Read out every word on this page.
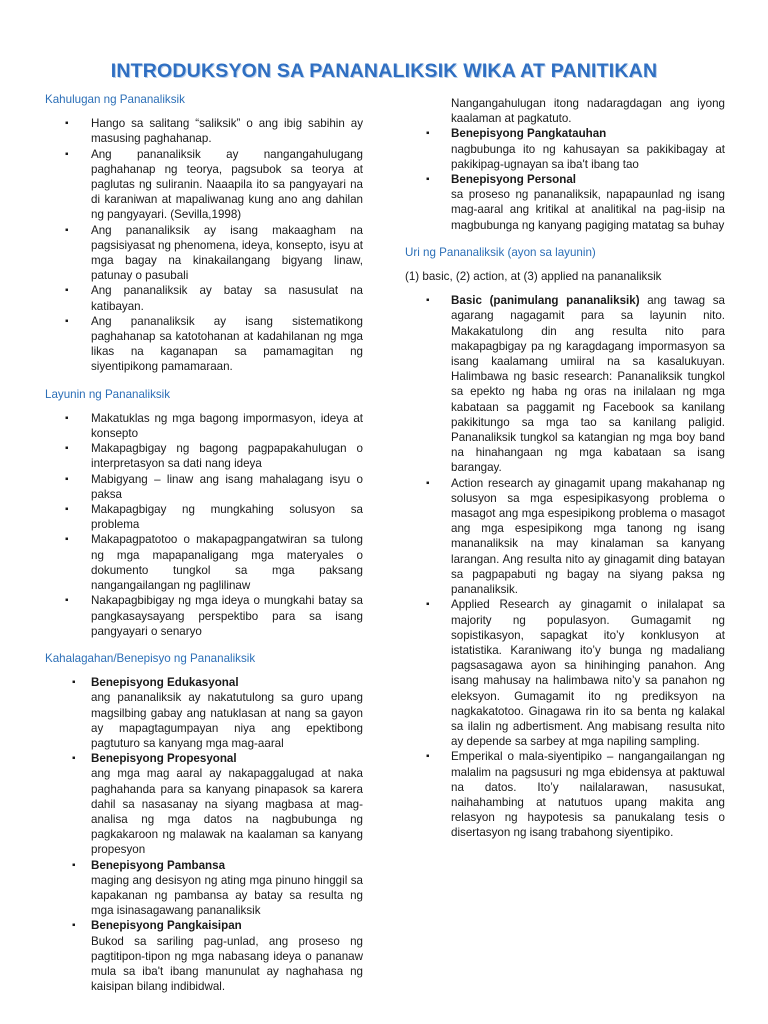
INTRODUKSYON SA PANANALIKSIK WIKA AT PANITIKAN
Kahulugan ng Pananaliksik
▪ Hango sa salitang “saliksik” o ang ibig sabihin ay masusing paghahanap.
▪ Ang pananaliksik ay nangangahulugang paghahanap ng teorya, pagsubok sa teorya at paglutas ng suliranin. Naaapila ito sa pangyayari na di karaniwan at mapaliwanag kung ano ang dahilan ng pangyayari. (Sevilla,1998)
▪ Ang pananaliksik ay isang makaagham na pagsisiyasat ng phenomena, ideya, konsepto, isyu at mga bagay na kinakailangang bigyang linaw, patunay o pasubali
▪ Ang pananaliksik ay batay sa nasusulat na katibayan.
▪ Ang pananaliksik ay isang sistematikong paghahanap sa katotohanan at kadahilanan ng mga likas na kaganapan sa pamamagitan ng siyentipikong pamamaraan.
Layunin ng Pananaliksik
▪ Makatuklas ng mga bagong impormasyon, ideya at konsepto
▪ Makapagbigay ng bagong pagpapakahulugan o interpretasyon sa dati nang ideya
▪ Mabigyang – linaw ang isang mahalagang isyu o paksa
▪ Makapagbigay ng mungkahing solusyon sa problema
▪ Makapagpatotoo o makapagpangatwiran sa tulong ng mga mapapanaligang mga materyales o dokumento tungkol sa mga paksang nangangailangan ng paglilinaw
▪ Nakapagbibigay ng mga ideya o mungkahi batay sa pangkasaysayang perspektibo para sa isang pangyayari o senaryo
Kahalagahan/Benepisyo ng Pananaliksik
▪ Benepisyong Edukasyonal
ang pananaliksik ay nakatutulong sa guro upang magsilbing gabay ang natuklasan at nang sa gayon ay mapagtagumpayan niya ang epektibong pagtuturo sa kanyang mga mag-aaral
▪ Benepisyong Propesyonal
ang mga mag aaral ay nakapaggalugad at naka paghahanda para sa kanyang pinapasok sa karera dahil sa nasasanay na siyang magbasa at mag-analisa ng mga datos na nagbubunga ng pagkakaroon ng malawak na kaalaman sa kanyang propesyon
▪ Benepisyong Pambansa
maging ang desisyon ng ating mga pinuno hinggil sa kapakanan ng pambansa ay batay sa resulta ng mga isinasagawang pananaliksik
▪ Benepisyong Pangkaisipan
Bukod sa sariling pag-unlad, ang proseso ng pagtitipon-tipon ng mga nabasang ideya o pananaw mula sa iba't ibang manunulat ay naghahasa ng kaisipan bilang indibidwal.
Nangangahulugan itong nadaragdagan ang iyong kaalaman at pagkatuto.
▪ Benepisyong Pangkatauhan
nagbubunga ito ng kahusayan sa pakikibagay at pakikipag-ugnayan sa iba't ibang tao
▪ Benepisyong Personal
sa proseso ng pananaliksik, napapaunlad ng isang mag-aaral ang kritikal at analitikal na pag-iisip na magbubunga ng kanyang pagiging matatag sa buhay
Uri ng Pananaliksik (ayon sa layunin)
(1) basic, (2) action, at (3) applied na pananaliksik
▪ Basic (panimulang pananaliksik) ang tawag sa agarang nagagamit para sa layunin nito. Makakatulong din ang resulta nito para makapagbigay pa ng karagdagang impormasyon sa isang kaalamang umiiral na sa kasalukuyan. Halimbawa ng basic research: Pananaliksik tungkol sa epekto ng haba ng oras na inilalaan ng mga kabataan sa paggamit ng Facebook sa kanilang pakikitungo sa mga tao sa kanilang paligid. Pananaliksik tungkol sa katangian ng mga boy band na hinahangaan ng mga kabataan sa isang barangay.
▪ Action research ay ginagamit upang makahanap ng solusyon sa mga espesipikasyong problema o masagot ang mga espesipikong problema o masagot ang mga espesipikong mga tanong ng isang mananaliksik na may kinalaman sa kanyang larangan. Ang resulta nito ay ginagamit ding batayan sa pagpapabuti ng bagay na siyang paksa ng pananaliksik.
▪ Applied Research ay ginagamit o inilalapat sa majority ng populasyon. Gumagamit ng sopistikasyon, sapagkat ito’y konklusyon at istatistika. Karaniwang ito’y bunga ng madaliang pagsasagawa ayon sa hinihinging panahon. Ang isang mahusay na halimbawa nito’y sa panahon ng eleksyon. Gumagamit ito ng prediksyon na nagkakatotoo. Ginagawa rin ito sa benta ng kalakal sa ilalin ng adbertisment. Ang mabisang resulta nito ay depende sa sarbey at mga napiling sampling.
▪ Emperikal o mala-siyentipiko – nangangailangan ng malalim na pagsusuri ng mga ebidensya at paktuwal na datos. Ito’y nailalarawan, nasusukat, naihahambing at natutuos upang makita ang relasyon ng haypotesis sa panukalang tesis o disertasyon ng isang trabahong siyentipiko.
